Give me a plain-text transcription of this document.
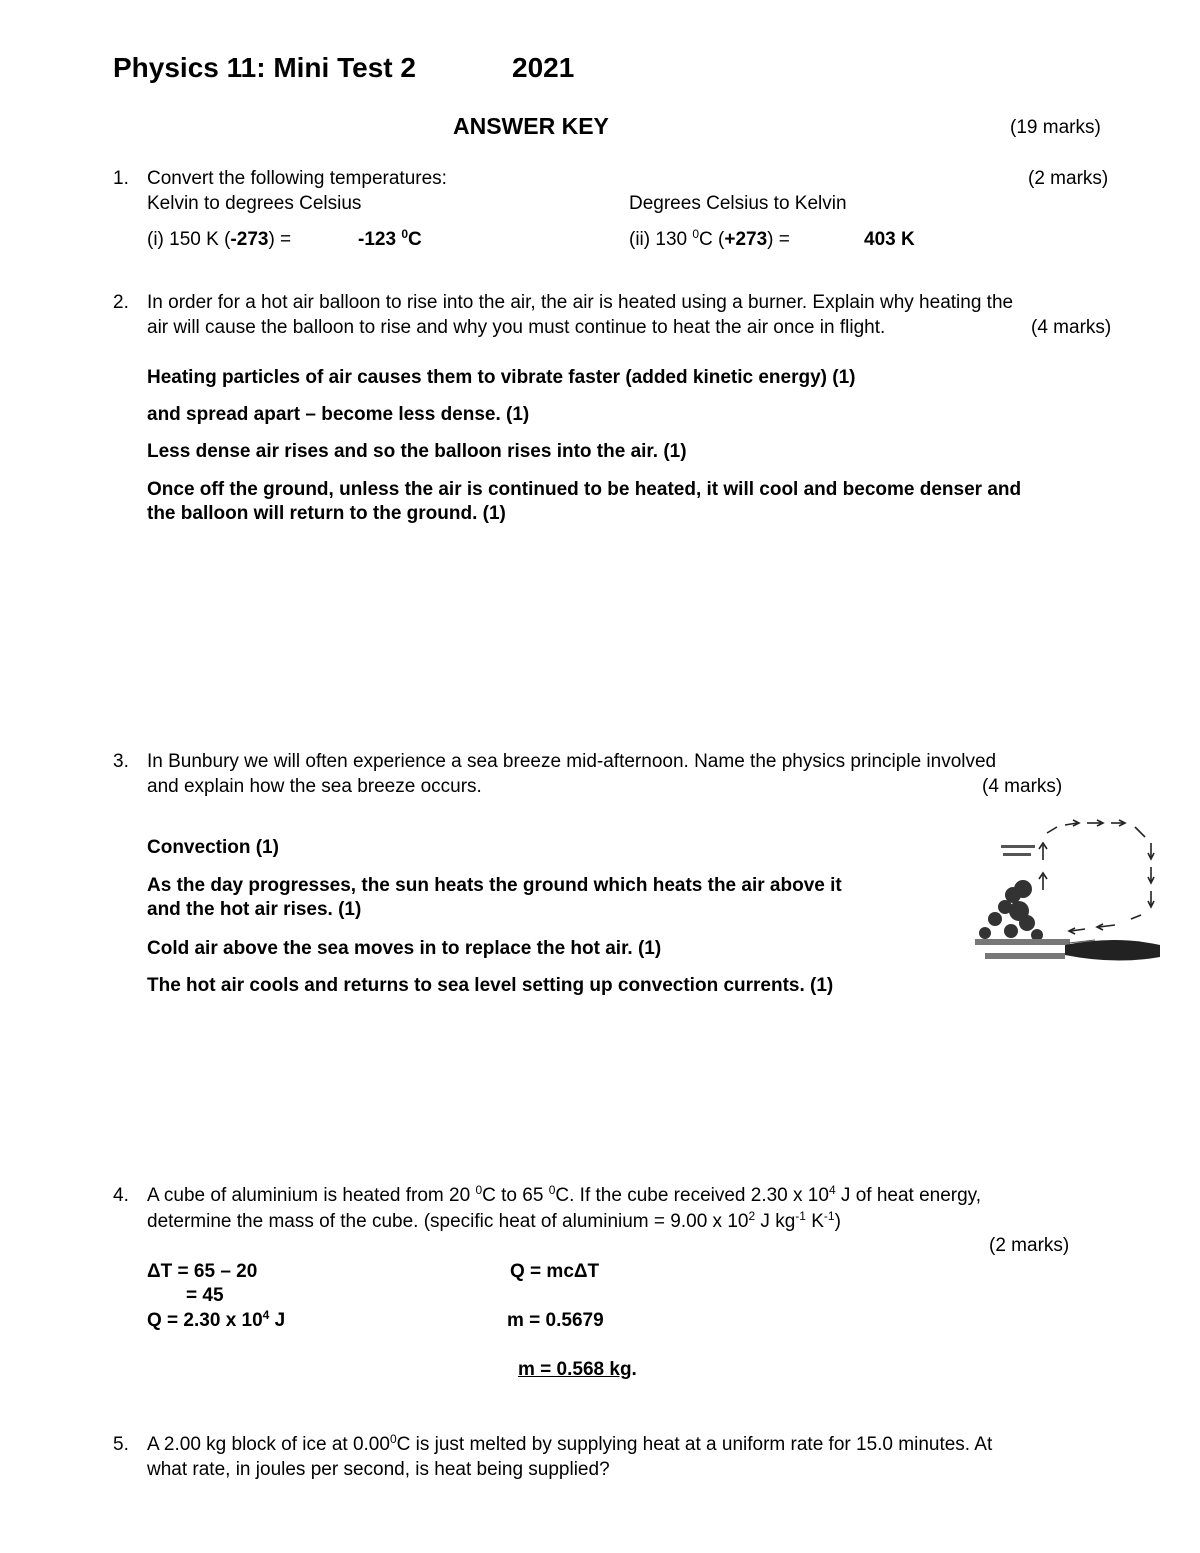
Physics 11: Mini Test 2	2021
ANSWER KEY	(19 marks)
1. Convert the following temperatures:	(2 marks)
Kelvin to degrees Celsius	Degrees Celsius to Kelvin
(i) 150 K (-273) =	-123 $^0$C	(ii) 130 $^0$C (+273) =	403 K
2. In order for a hot air balloon to rise into the air, the air is heated using a burner. Explain why heating the
air will cause the balloon to rise and why you must continue to heat the air once in flight.	(4 marks)
Heating particles of air causes them to vibrate faster (added kinetic energy) (1)
and spread apart – become less dense. (1)
Less dense air rises and so the balloon rises into the air. (1)
Once off the ground, unless the air is continued to be heated, it will cool and become denser and
the balloon will return to the ground. (1)
3. In Bunbury we will often experience a sea breeze mid-afternoon. Name the physics principle involved
and explain how the sea breeze occurs.	(4 marks)
Convection (1)
As the day progresses, the sun heats the ground which heats the air above it
and the hot air rises. (1)
Cold air above the sea moves in to replace the hot air. (1)
The hot air cools and returns to sea level setting up convection currents. (1)
4. A cube of aluminium is heated from 20 $^0$C to 65 $^0$C. If the cube received 2.30 x $10^4$ J of heat energy,
determine the mass of the cube. (specific heat of aluminium = 9.00 x $10^2$ J $kg^{-1}$ $K^{-1}$)
(2 marks)
ΔT = 65 – 20
= 45
Q = 2.30 x $10^4$ J
Q = mcΔT
m = 0.5679
m = 0.568 kg.
5. A 2.00 kg block of ice at 0.00$^0$C is just melted by supplying heat at a uniform rate for 15.0 minutes. At
what rate, in joules per second, is heat being supplied?
